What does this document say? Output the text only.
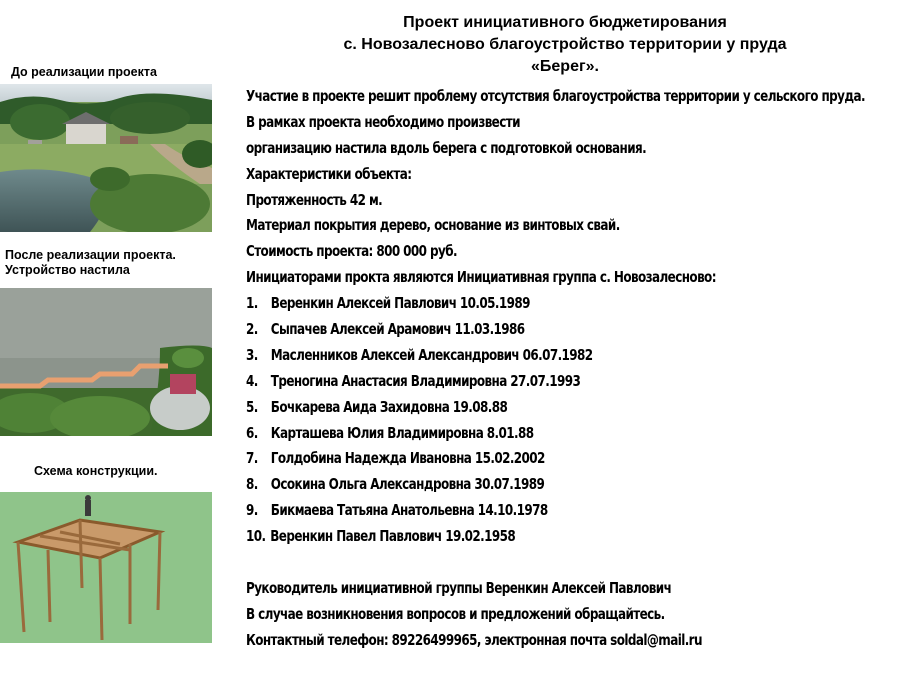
Проект инициативного бюджетирования
с. Новозалесново благоустройство территории у пруда
«Берег».
До реализации проекта
После реализации проекта.
Устройство настила
Схема конструкции.
Участие в проекте решит проблему отсутствия благоустройства территории у сельского пруда.
В рамках проекта необходимо произвести
организацию настила вдоль берега с подготовкой основания.
Характеристики объекта:
Протяженность 42 м.
Материал покрытия дерево, основание из винтовых свай.
Стоимость проекта: 800 000 руб.
Инициаторами прокта являются Инициативная группа с. Новозалесново:
1. Веренкин Алексей Павлович 10.05.1989
2. Сыпачев Алексей Арамович 11.03.1986
3. Масленников Алексей Александрович 06.07.1982
4. Треногина Анастасия Владимировна 27.07.1993
5. Бочкарева Аида Захидовна 19.08.88
6. Карташева Юлия Владимировна 8.01.88
7. Голдобина Надежда Ивановна 15.02.2002
8. Осокина Ольга Александровна 30.07.1989
9. Бикмаева Татьяна Анатольевна 14.10.1978
10. Веренкин Павел Павлович 19.02.1958
Руководитель инициативной группы Веренкин Алексей Павлович
В случае возникновения вопросов и предложений обращайтесь.
Контактный телефон: 89226499965, электронная почта soldal@mail.ru
